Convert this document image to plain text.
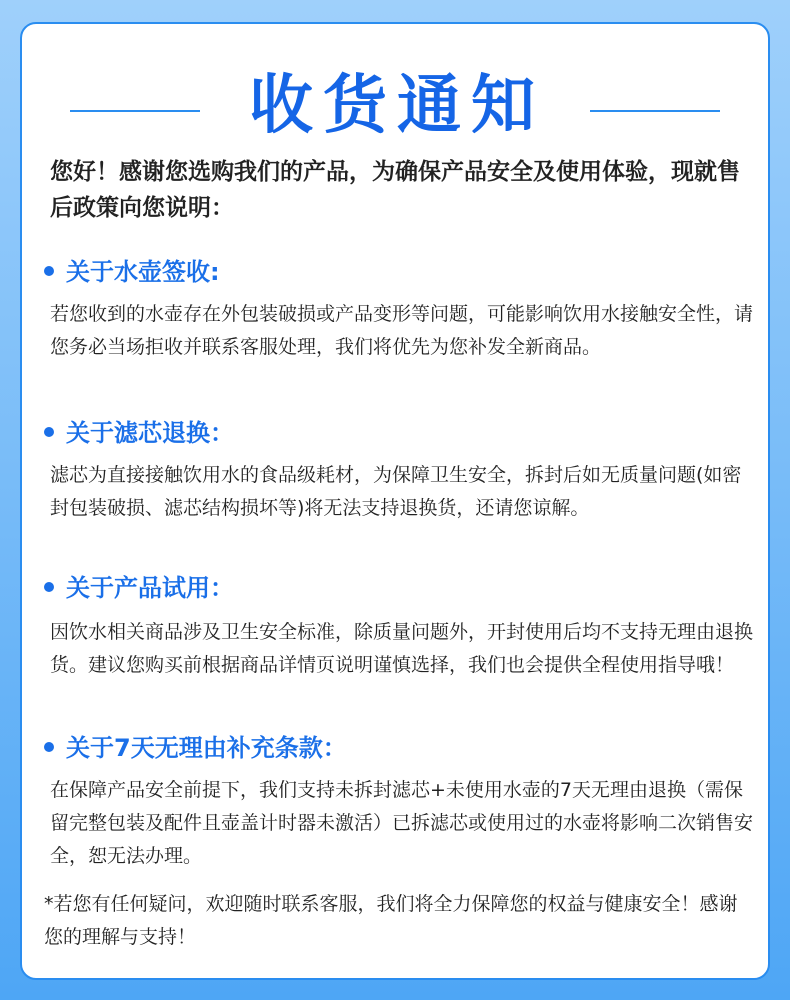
收货通知
您好！感谢您选购我们的产品，为确保产品安全及使用体验，现就售后政策向您说明：
关于水壶签收:
若您收到的水壶存在外包装破损或产品变形等问题，可能影响饮用水接触安全性，请您务必当场拒收并联系客服处理，我们将优先为您补发全新商品。
关于滤芯退换：
滤芯为直接接触饮用水的食品级耗材，为保障卫生安全，拆封后如无质量问题(如密封包装破损、滤芯结构损坏等)将无法支持退换货，还请您谅解。
关于产品试用：
因饮水相关商品涉及卫生安全标准，除质量问题外，开封使用后均不支持无理由退换货。建议您购买前根据商品详情页说明谨慎选择，我们也会提供全程使用指导哦！
关于7天无理由补充条款：
在保障产品安全前提下，我们支持未拆封滤芯+未使用水壶的7天无理由退换（需保留完整包装及配件且壶盖计时器未激活）已拆滤芯或使用过的水壶将影响二次销售安全，恕无法办理。
*若您有任何疑问，欢迎随时联系客服，我们将全力保障您的权益与健康安全！感谢您的理解与支持！
